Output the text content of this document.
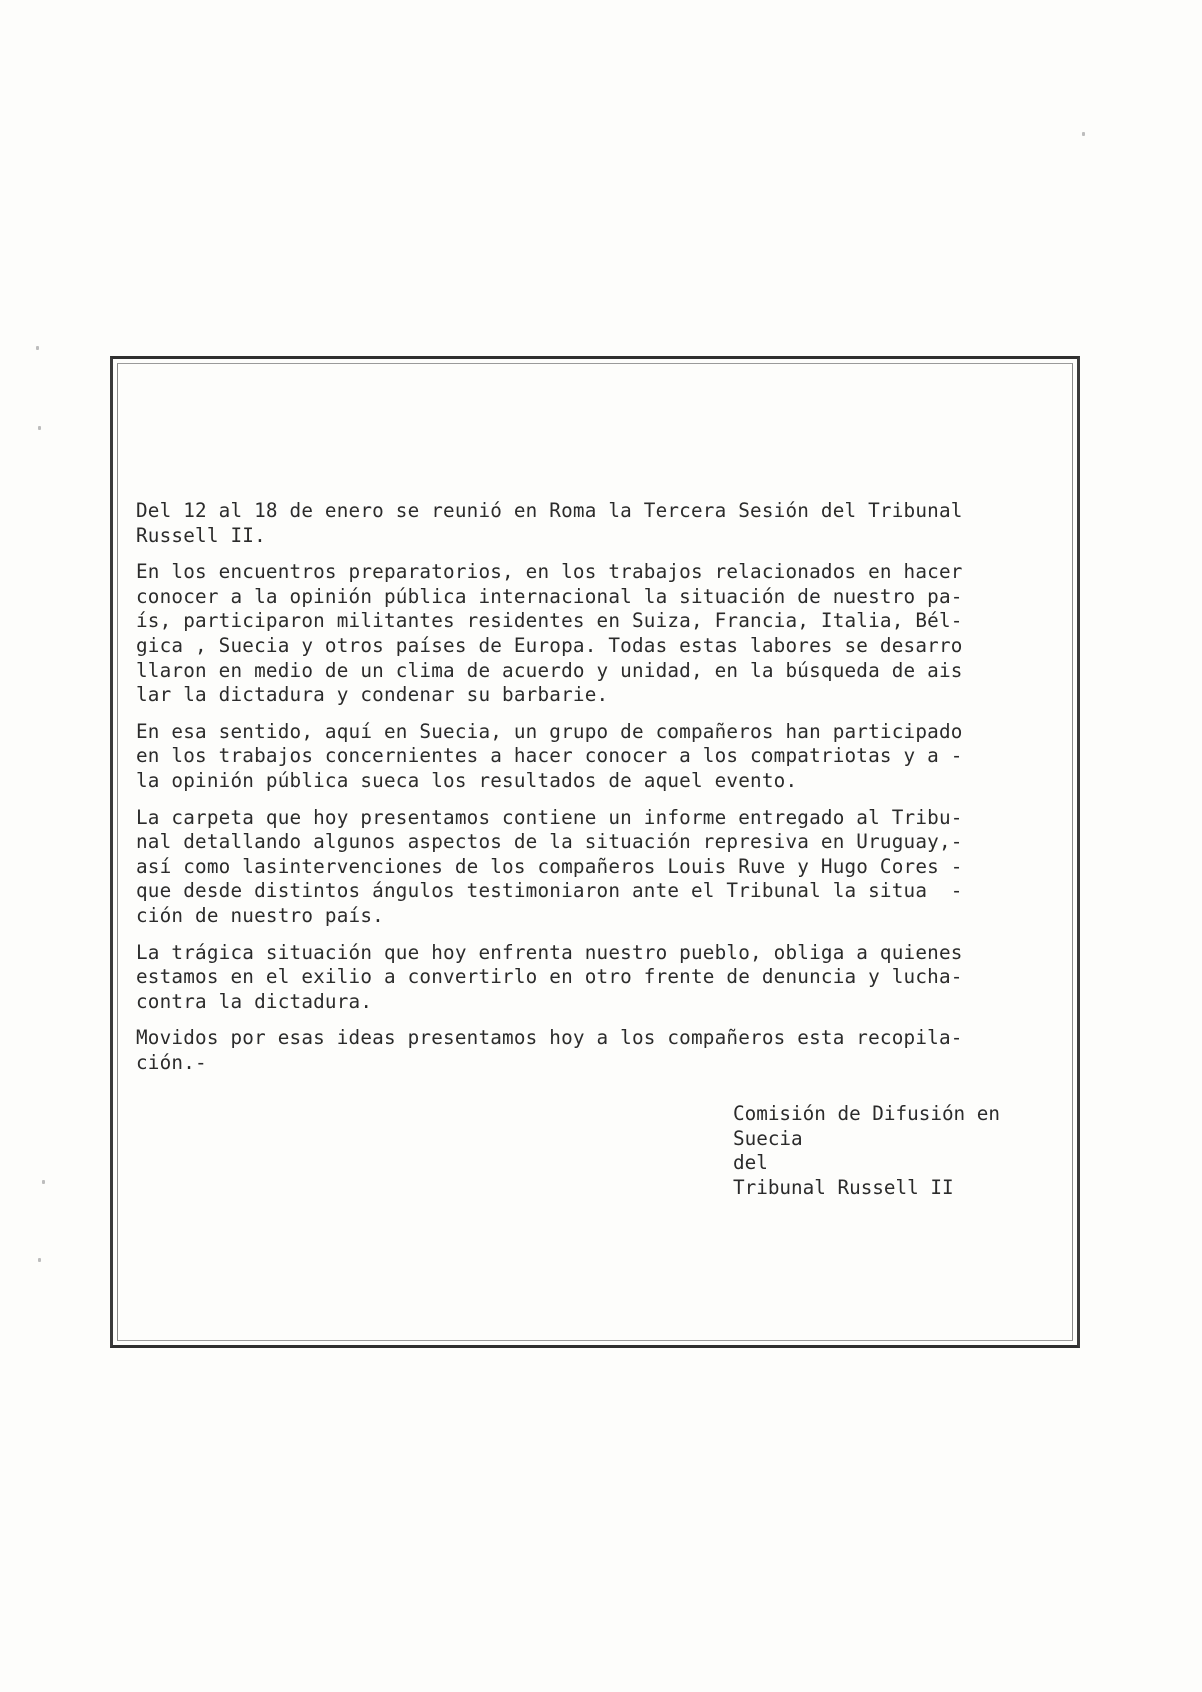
Del 12 al 18 de enero se reunió en Roma la Tercera Sesión del Tribunal
Russell II.
En los encuentros preparatorios, en los trabajos relacionados en hacer
conocer a la opinión pública internacional la situación de nuestro pa-
ís, participaron militantes residentes en Suiza, Francia, Italia, Bél-
gica , Suecia y otros países de Europa. Todas estas labores se desarro
llaron en medio de un clima de acuerdo y unidad, en la búsqueda de ais
lar la dictadura y condenar su barbarie.
En esa sentido, aquí en Suecia, un grupo de compañeros han participado
en los trabajos concernientes a hacer conocer a los compatriotas y a -
la opinión pública sueca los resultados de aquel evento.
La carpeta que hoy presentamos contiene un informe entregado al Tribu-
nal detallando algunos aspectos de la situación represiva en Uruguay,-
así como lasintervenciones de los compañeros Louis Ruve y Hugo Cores -
que desde distintos ángulos testimoniaron ante el Tribunal la situa  -
ción de nuestro país.
La trágica situación que hoy enfrenta nuestro pueblo, obliga a quienes
estamos en el exilio a convertirlo en otro frente de denuncia y lucha-
contra la dictadura.
Movidos por esas ideas presentamos hoy a los compañeros esta recopila-
ción.-
Comisión de Difusión en
Suecia
del
Tribunal Russell II
